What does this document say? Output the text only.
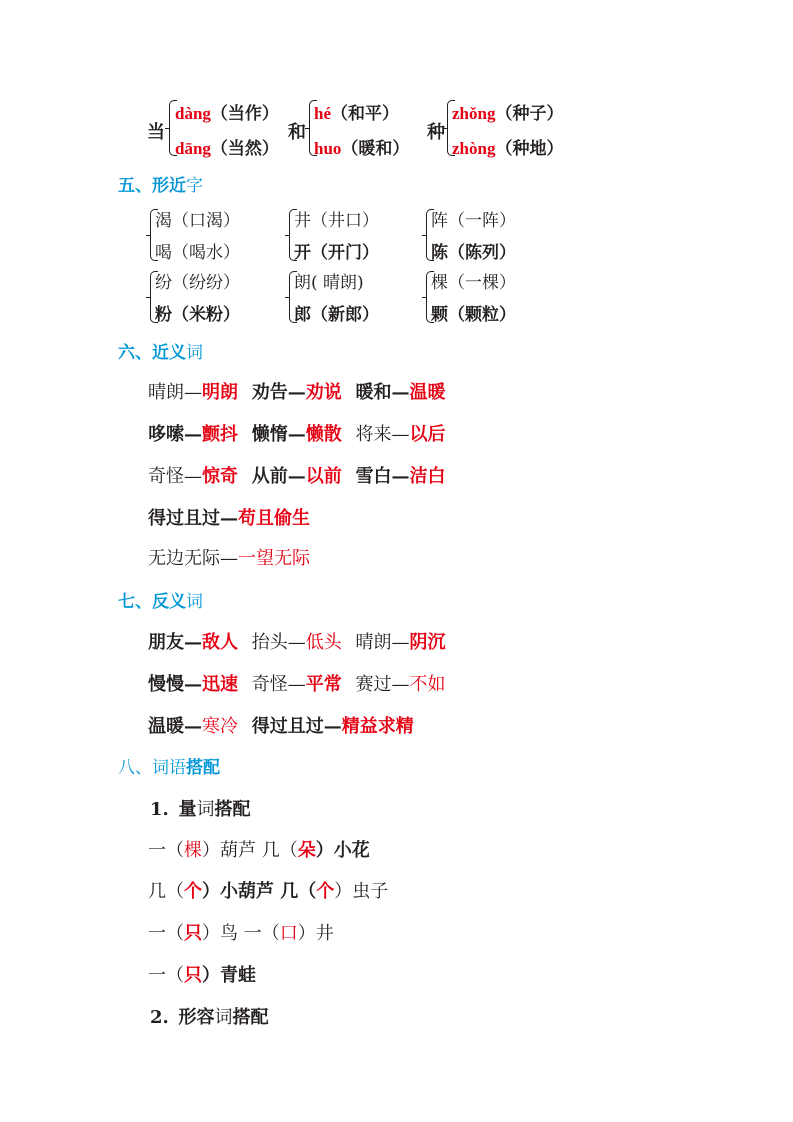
当
dàng（当作）
dāng（当然）
和
hé（和平）
huo（暖和）
种
zhǒng（种子）
zhòng（种地）
五、形近字
渴（口渴）
喝（喝水）
井（井口）
开（开门）
阵（一阵）
陈（陈列）
纷（纷纷）
粉（米粉）
朗( 晴朗)
郎（新郎）
棵（一棵）
颗（颗粒）
六、近义词
晴朗—明朗 劝告—劝说 暖和—温暖
哆嗦—颤抖 懒惰—懒散 将来—以后
奇怪—惊奇 从前—以前 雪白—洁白
得过且过—苟且偷生
无边无际—一望无际
七、反义词
朋友—敌人 抬头—低头 晴朗—阴沉
慢慢—迅速 奇怪—平常 赛过—不如
温暖—寒冷 得过且过—精益求精
八、词语搭配
1. 量词搭配
一（棵）葫芦 几（朵）小花
几（个）小葫芦 几（个）虫子
一（只）鸟 一（口）井
一（只）青蛙
2. 形容词搭配
